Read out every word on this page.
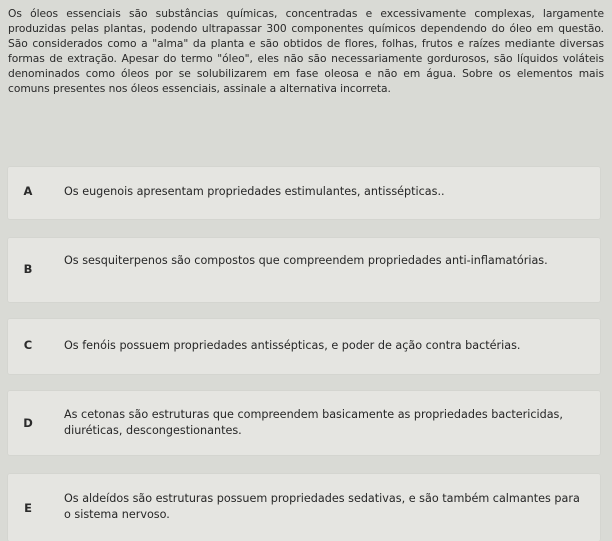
Os óleos essenciais são substâncias químicas, concentradas e excessivamente complexas, largamente produzidas pelas plantas, podendo ultrapassar 300 componentes químicos dependendo do óleo em questão. São considerados como a "alma" da planta e são obtidos de flores, folhas, frutos e raízes mediante diversas formas de extração. Apesar do termo "óleo", eles não são necessariamente gordurosos, são líquidos voláteis denominados como óleos por se solubilizarem em fase oleosa e não em água. Sobre os elementos mais comuns presentes nos óleos essenciais, assinale a alternativa incorreta.
A	Os eugenois apresentam propriedades estimulantes, antissépticas..
B
Os sesquiterpenos são compostos que compreendem propriedades anti-inflamatórias.
C	Os fenóis possuem propriedades antissépticas, e poder de ação contra bactérias.
D
As cetonas são estruturas que compreendem basicamente as propriedades bactericidas, diuréticas, descongestionantes.
E
Os aldeídos são estruturas possuem propriedades sedativas, e são também calmantes para o sistema nervoso.
